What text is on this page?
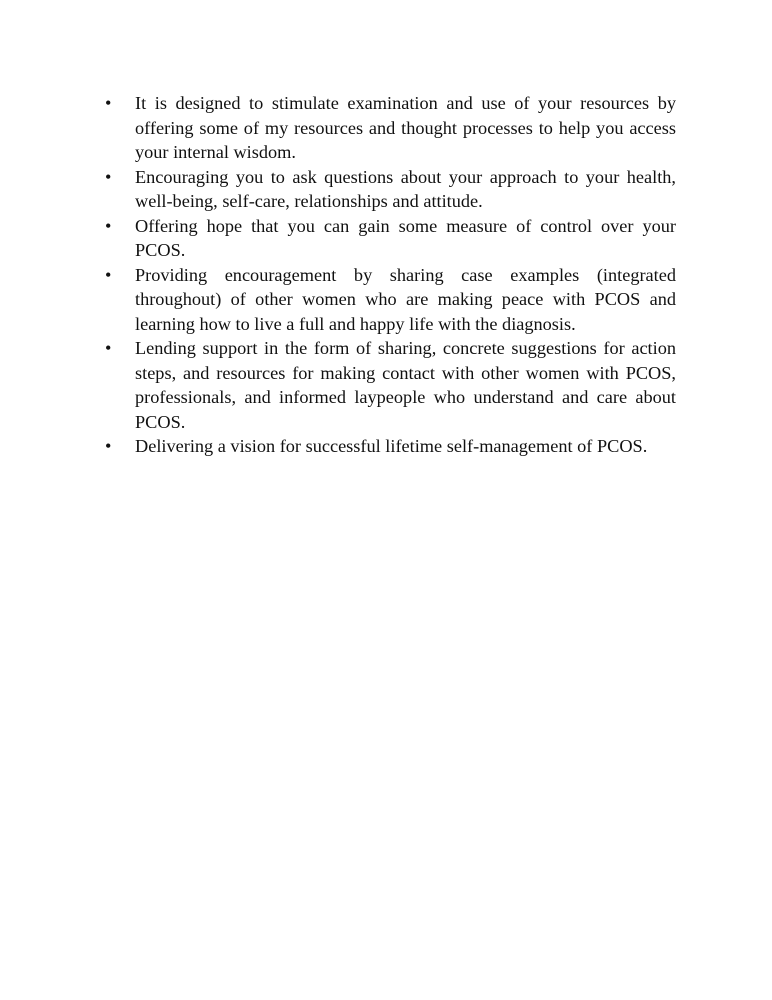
• It is designed to stimulate examination and use of your resources by offering some of my resources and thought processes to help you access your internal wisdom.
• Encouraging you to ask questions about your approach to your health, well-being, self-care, relationships and attitude.
• Offering hope that you can gain some measure of control over your PCOS.
• Providing encouragement by sharing case examples (integrated throughout) of other women who are making peace with PCOS and learning how to live a full and happy life with the diagnosis.
• Lending support in the form of sharing, concrete suggestions for action steps, and resources for making contact with other women with PCOS, professionals, and informed laypeople who understand and care about PCOS.
• Delivering a vision for successful lifetime self-management of PCOS.
